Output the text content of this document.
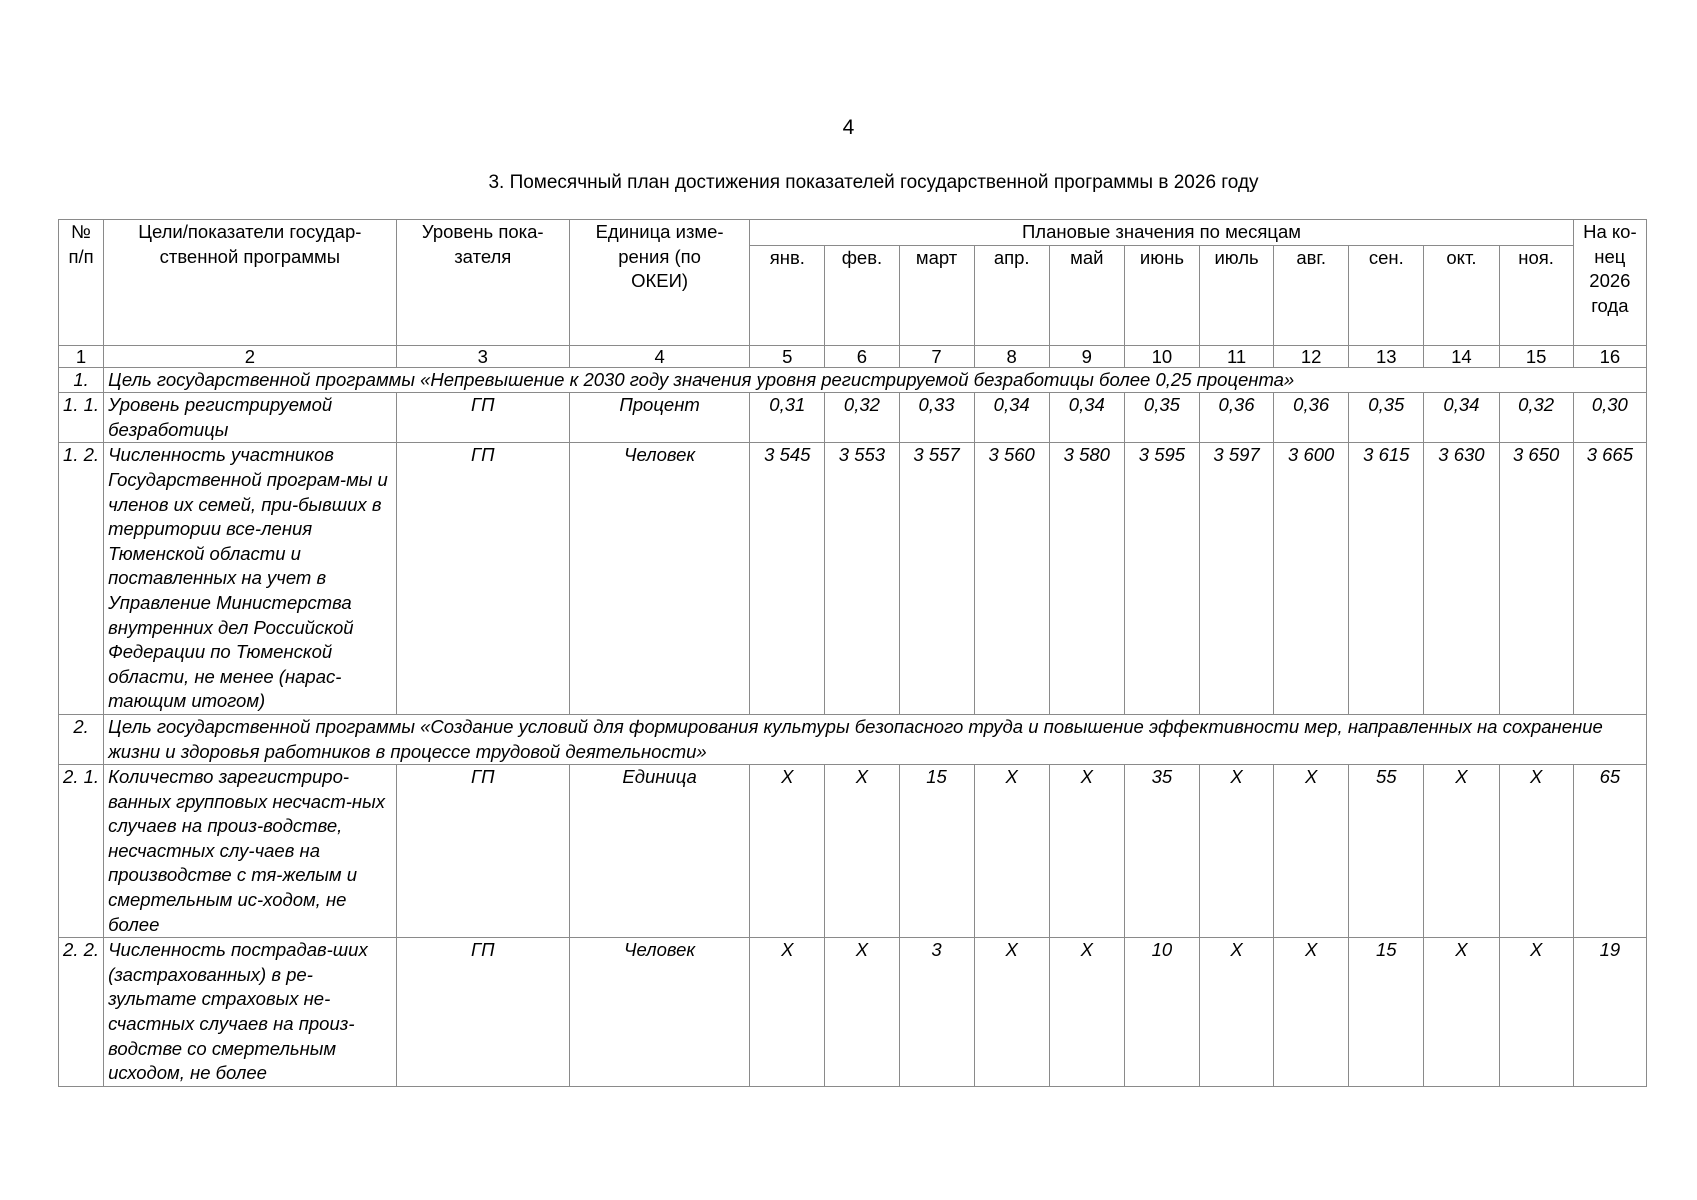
4
3. Помесячный план достижения показателей государственной программы в 2026 году
№ п/п	Цели/показатели государ-ственной программы	Уровень пока-зателя	Единица изме-рения (по ОКЕИ)	Плановые значения по месяцам											На ко-нец 2026 года
				янв.	фев.	март	апр.	май	июнь	июль	авг.	сен.	окт.	ноя.	
1	2	3	4	5	6	7	8	9	10	11	12	13	14	15	16
1.	Цель государственной программы «Непревышение к 2030 году значения уровня регистрируемой безработицы более 0,25 процента»														
1. 1.	Уровень регистрируемой безработицы	ГП	Процент	0,31	0,32	0,33	0,34	0,34	0,35	0,36	0,36	0,35	0,34	0,32	0,30
1. 2.	Численность участников Государственной програм-мы и членов их семей, при-бывших в территории все-ления Тюменской области и поставленных на учет в Управление Министерства внутренних дел Российской Федерации по Тюменской области, не менее (нарас-тающим итогом)	ГП	Человек	3 545	3 553	3 557	3 560	3 580	3 595	3 597	3 600	3 615	3 630	3 650	3 665
2.	Цель государственной программы «Создание условий для формирования культуры безопасного труда и повышение эффективности мер, направленных на сохранение жизни и здоровья работников в процессе трудовой деятельности»														
2. 1.	Количество зарегистриро-ванных групповых несчаст-ных случаев на произ-водстве, несчастных слу-чаев на производстве с тя-желым и смертельным ис-ходом, не более	ГП	Единица	X	X	15	X	X	35	X	X	55	X	X	65
2. 2.	Численность пострадав-ших (застрахованных) в ре-зультате страховых не-счастных случаев на произ-водстве со смертельным исходом, не более	ГП	Человек	X	X	3	X	X	10	X	X	15	X	X	19
